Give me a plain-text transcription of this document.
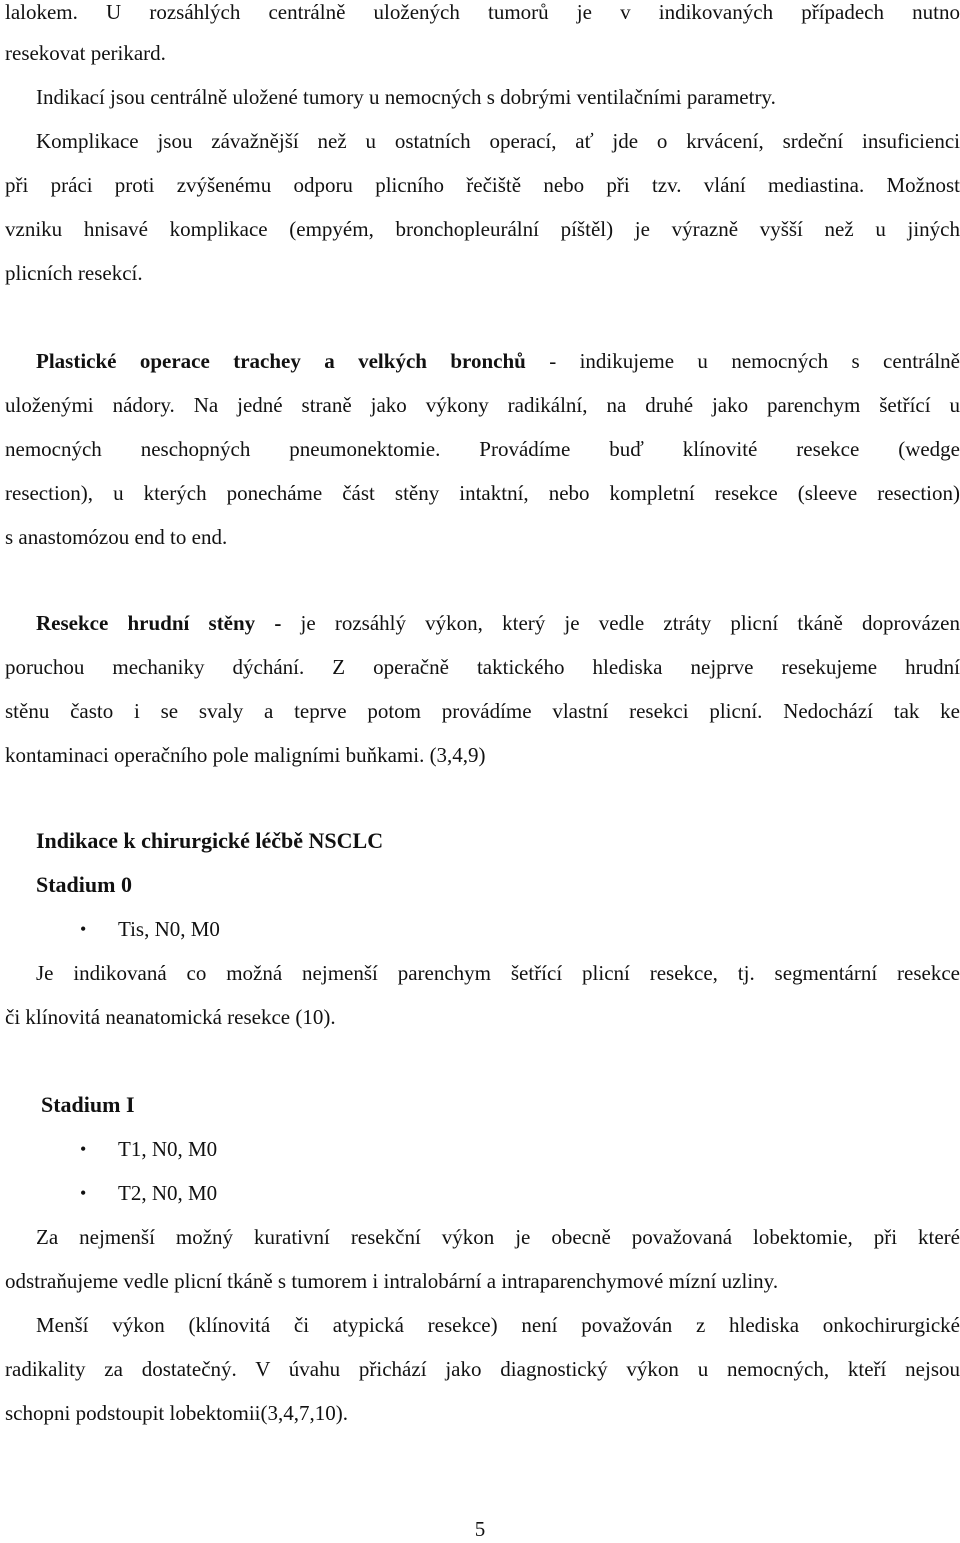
lalokem. U rozsáhlých centrálně uložených tumorů je v indikovaných případech nutno
resekovat perikard.
Indikací jsou centrálně uložené tumory u nemocných s dobrými ventilačními parametry.
Komplikace jsou závažnější než u ostatních operací, ať jde o krvácení, srdeční insuficienci
při práci proti zvýšenému odporu plicního řečiště nebo při tzv. vlání mediastina. Možnost
vzniku hnisavé komplikace (empyém, bronchopleurální píštěl) je výrazně vyšší než u jiných
plicních resekcí.
Plastické operace trachey a velkých bronchů - indikujeme u nemocných s centrálně
uloženými nádory. Na jedné straně jako výkony radikální, na druhé jako parenchym šetřící u
nemocných neschopných pneumonektomie. Provádíme buď klínovité resekce (wedge
resection), u kterých ponecháme část stěny intaktní, nebo kompletní resekce (sleeve resection)
s anastomózou end to end.
Resekce hrudní stěny - je rozsáhlý výkon, který je vedle ztráty plicní tkáně doprovázen
poruchou mechaniky dýchání. Z operačně taktického hlediska nejprve resekujeme hrudní
stěnu často i se svaly a teprve potom provádíme vlastní resekci plicní. Nedochází tak ke
kontaminaci operačního pole maligními buňkami. (3,4,9)
Indikace k chirurgické léčbě NSCLC
Stadium 0
• Tis, N0, M0
Je indikovaná co možná nejmenší parenchym šetřící plicní resekce, tj. segmentární resekce
či klínovitá neanatomická resekce (10).
Stadium I
• T1, N0, M0
• T2, N0, M0
Za nejmenší možný kurativní resekční výkon je obecně považovaná lobektomie, při které
odstraňujeme vedle plicní tkáně s tumorem i intralobární a intraparenchymové mízní uzliny.
Menší výkon (klínovitá či atypická resekce) není považován z hlediska onkochirurgické
radikality za dostatečný. V úvahu přichází jako diagnostický výkon u nemocných, kteří nejsou
schopni podstoupit lobektomii(3,4,7,10).
5
